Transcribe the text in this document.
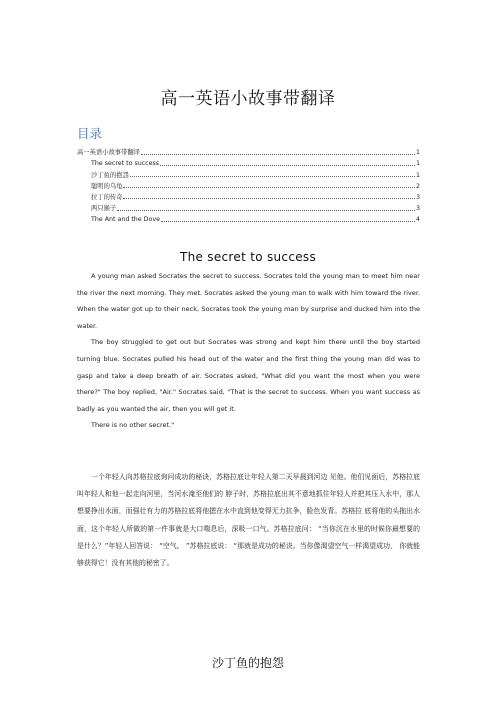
高一英语小故事带翻译
目录
高一英语小故事带翻译	1
The secret to success	1
沙丁鱼的抱怨	1
聪明的乌龟	2
拉丁的传奇	3
两只猴子	3
The Ant and the Dove	4
The secret to success

A young man asked Socrates the secret to success. Socrates told the young man to meet him near the river the next morning. They met. Socrates asked the young man to walk with him toward the river. When the water got up to their neck, Socrates took the young man by surprise and ducked him into the water.

The boy struggled to get out but Socrates was strong and kept him there until the boy started turning blue. Socrates pulled his head out of the water and the first thing the young man did was to gasp and take a deep breath of air. Socrates asked, "What did you want the most when you were there?" The boy replied, "Air." Socrates said, "That is the secret to success. When you want success as badly as you wanted the air, then you will get it.

There is no other secret."

一个年轻人向苏格拉底询问成功的秘诀，苏格拉底让年轻人第二天早晨到河边 见他。他们见面后，苏格拉底叫年轻人和他一起走向河里，当河水淹至他们的 脖子时，苏格拉底出其不意地抓住年轻人并把其压入水中，那人想要挣出水面，而强壮有力的苏格拉底将他摁在水中直到他变得无力抗争，脸色发青。苏格拉 底将他的头拖出水面，这个年轻人所做的第一件事就是大口喘息后，深吸一口气。苏格拉底问： “当你沉在水里的时候你最想要的是什么？”年轻人回答说： “空气。 ”苏格拉底说： “那就是成功的秘诀。当你像渴望空气一样渴望成功， 你就能够获得它！没有其他的秘密了。

沙丁鱼的抱怨
